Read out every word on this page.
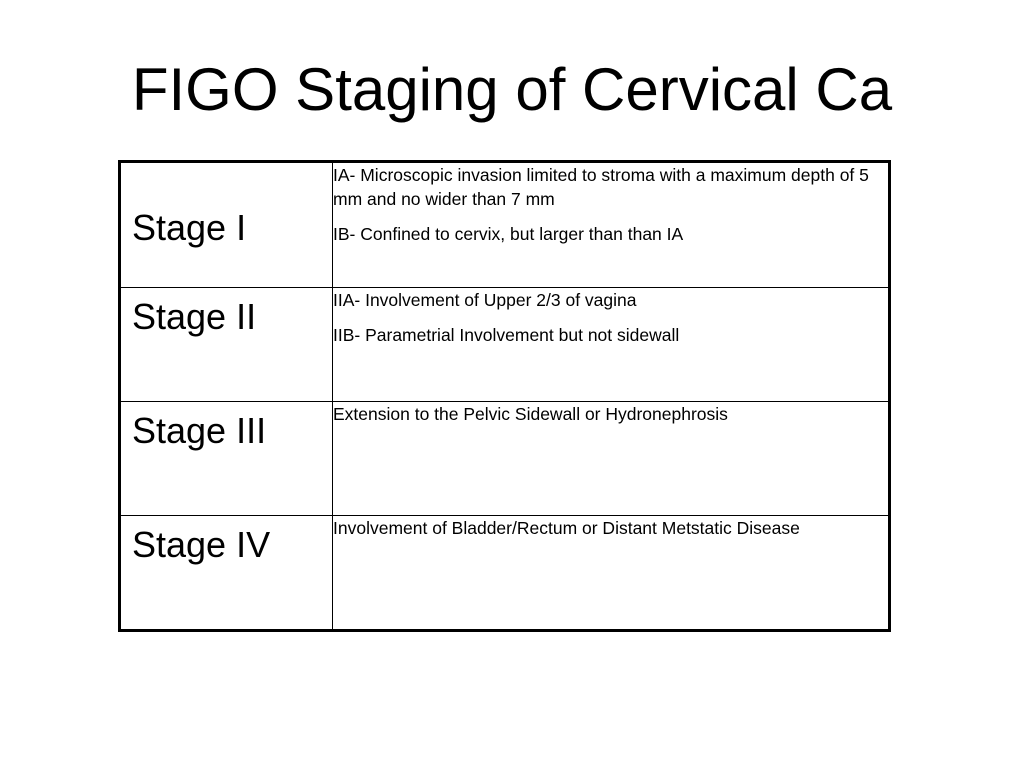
FIGO Staging of Cervical Ca
Stage I	IA- Microscopic invasion limited to stroma with a maximum depth of 5 mm and no wider than 7 mm
IB- Confined to cervix, but larger than than IA

Stage II	IIA- Involvement of Upper 2/3 of vagina
IIB- Parametrial Involvement but not sidewall

Stage III	Extension to the Pelvic Sidewall or Hydronephrosis

Stage IV	Involvement of Bladder/Rectum or Distant Metstatic Disease
